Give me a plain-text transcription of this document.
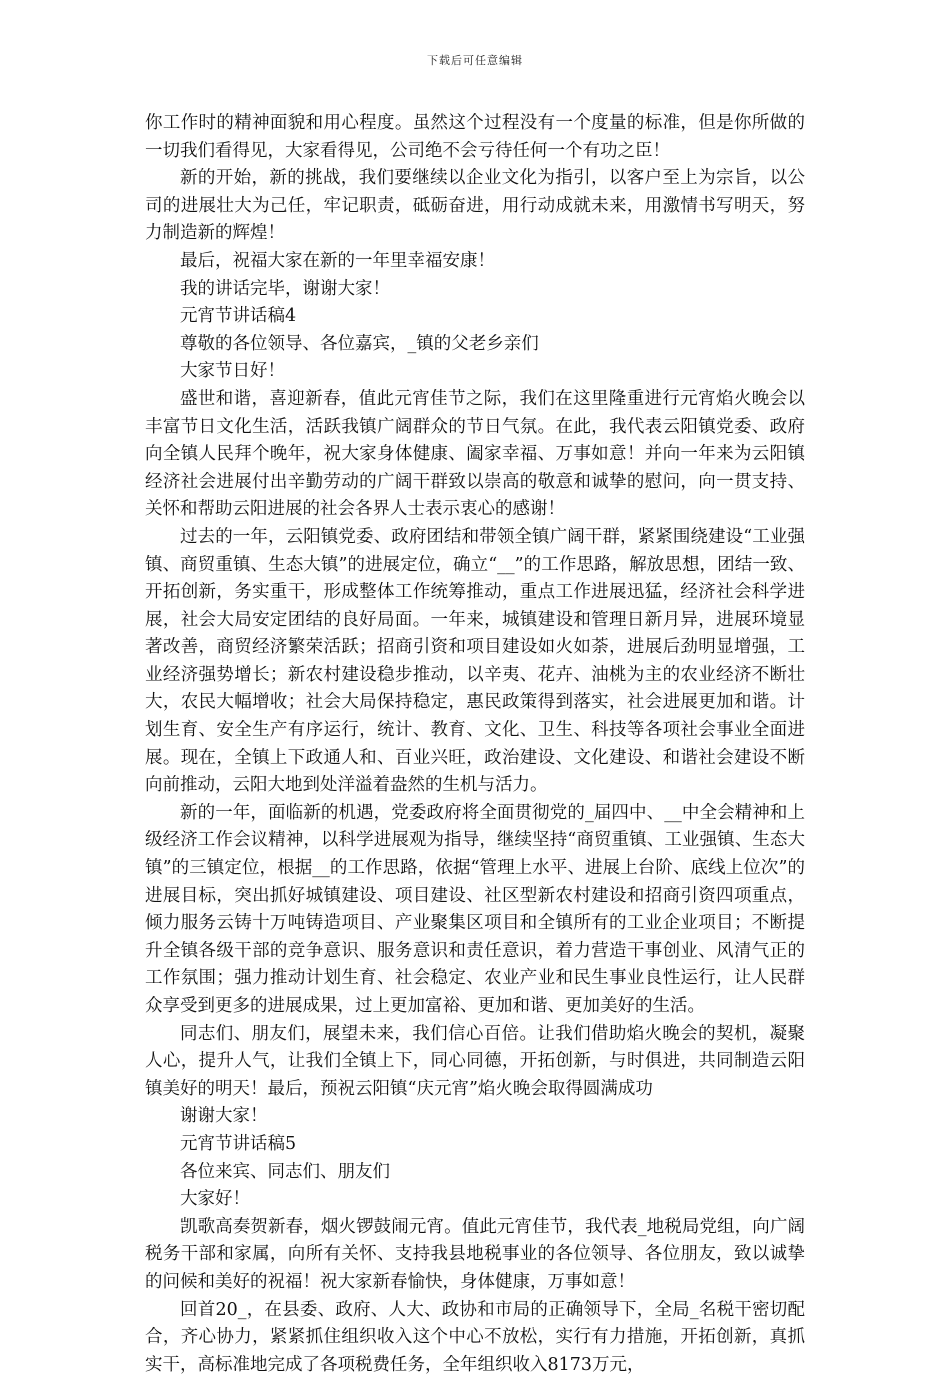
下载后可任意编辑

你工作时的精神面貌和用心程度。虽然这个过程没有一个度量的标准，但是你所做的一切我们看得见，大家看得见，公司绝不会亏待任何一个有功之臣！

新的开始，新的挑战，我们要继续以企业文化为指引，以客户至上为宗旨，以公司的进展壮大为己任，牢记职责，砥砺奋进，用行动成就未来，用激情书写明天，努力制造新的辉煌！

最后，祝福大家在新的一年里幸福安康！

我的讲话完毕，谢谢大家！

元宵节讲话稿4

尊敬的各位领导、各位嘉宾，_镇的父老乡亲们

大家节日好！

盛世和谐，喜迎新春，值此元宵佳节之际，我们在这里隆重进行元宵焰火晚会以丰富节日文化生活，活跃我镇广阔群众的节日气氛。在此，我代表云阳镇党委、政府向全镇人民拜个晚年，祝大家身体健康、阖家幸福、万事如意！并向一年来为云阳镇经济社会进展付出辛勤劳动的广阔干群致以崇高的敬意和诚挚的慰问，向一贯支持、关怀和帮助云阳进展的社会各界人士表示衷心的感谢！

过去的一年，云阳镇党委、政府团结和带领全镇广阔干群，紧紧围绕建设“工业强镇、商贸重镇、生态大镇”的进展定位，确立“__”的工作思路，解放思想，团结一致、开拓创新，务实重干，形成整体工作统筹推动，重点工作进展迅猛，经济社会科学进展，社会大局安定团结的良好局面。一年来，城镇建设和管理日新月异，进展环境显著改善，商贸经济繁荣活跃；招商引资和项目建设如火如荼，进展后劲明显增强，工业经济强势增长；新农村建设稳步推动，以辛夷、花卉、油桃为主的农业经济不断壮大，农民大幅增收；社会大局保持稳定，惠民政策得到落实，社会进展更加和谐。计划生育、安全生产有序运行，统计、教育、文化、卫生、科技等各项社会事业全面进展。现在，全镇上下政通人和、百业兴旺，政治建设、文化建设、和谐社会建设不断向前推动，云阳大地到处洋溢着盎然的生机与活力。

新的一年，面临新的机遇，党委政府将全面贯彻党的_届四中、__中全会精神和上级经济工作会议精神，以科学进展观为指导，继续坚持“商贸重镇、工业强镇、生态大镇”的三镇定位，根据__的工作思路，依据“管理上水平、进展上台阶、底线上位次”的进展目标，突出抓好城镇建设、项目建设、社区型新农村建设和招商引资四项重点，倾力服务云铸十万吨铸造项目、产业聚集区项目和全镇所有的工业企业项目；不断提升全镇各级干部的竞争意识、服务意识和责任意识，着力营造干事创业、风清气正的工作氛围；强力推动计划生育、社会稳定、农业产业和民生事业良性运行，让人民群众享受到更多的进展成果，过上更加富裕、更加和谐、更加美好的生活。

同志们、朋友们，展望未来，我们信心百倍。让我们借助焰火晚会的契机，凝聚人心，提升人气，让我们全镇上下，同心同德，开拓创新，与时俱进，共同制造云阳镇美好的明天！最后，预祝云阳镇“庆元宵”焰火晚会取得圆满成功

谢谢大家！

元宵节讲话稿5

各位来宾、同志们、朋友们

大家好！

凯歌高奏贺新春，烟火锣鼓闹元宵。值此元宵佳节，我代表_地税局党组，向广阔税务干部和家属，向所有关怀、支持我县地税事业的各位领导、各位朋友，致以诚挚的问候和美好的祝福！祝大家新春愉快，身体健康，万事如意！

回首20_，在县委、政府、人大、政协和市局的正确领导下，全局_名税干密切配合，齐心协力，紧紧抓住组织收入这个中心不放松，实行有力措施，开拓创新，真抓实干，高标准地完成了各项税费任务，全年组织收入8173万元，
